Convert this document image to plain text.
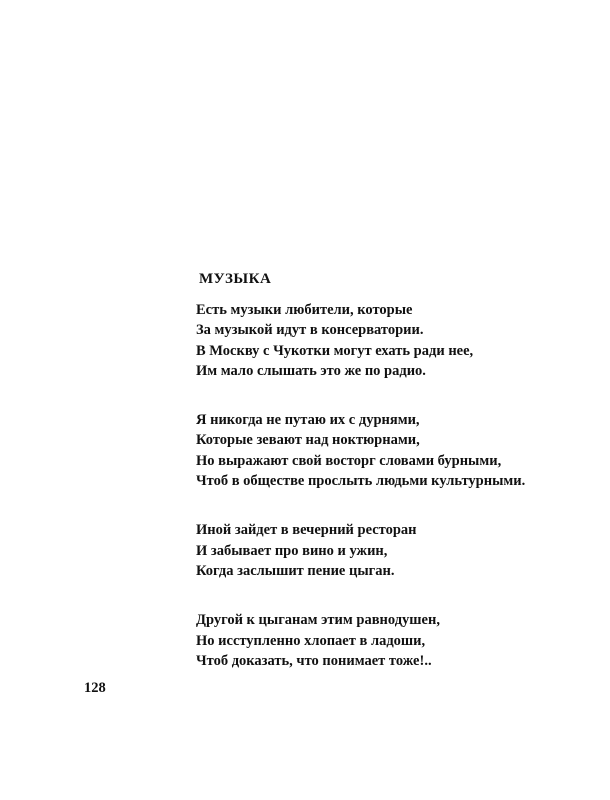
МУЗЫКА

Есть музыки любители, которые
За музыкой идут в консерватории.
В Москву с Чукотки могут ехать ради нее,
Им мало слышать это же по радио.

Я никогда не путаю их с дурнями,
Которые зевают над ноктюрнами,
Но выражают свой восторг словами бурными,
Чтоб в обществе прослыть людьми культурными.

Иной зайдет в вечерний ресторан
И забывает про вино и ужин,
Когда заслышит пение цыган.

Другой к цыганам этим равнодушен,
Но исступленно хлопает в ладоши,
Чтоб доказать, что понимает тоже!..

128
